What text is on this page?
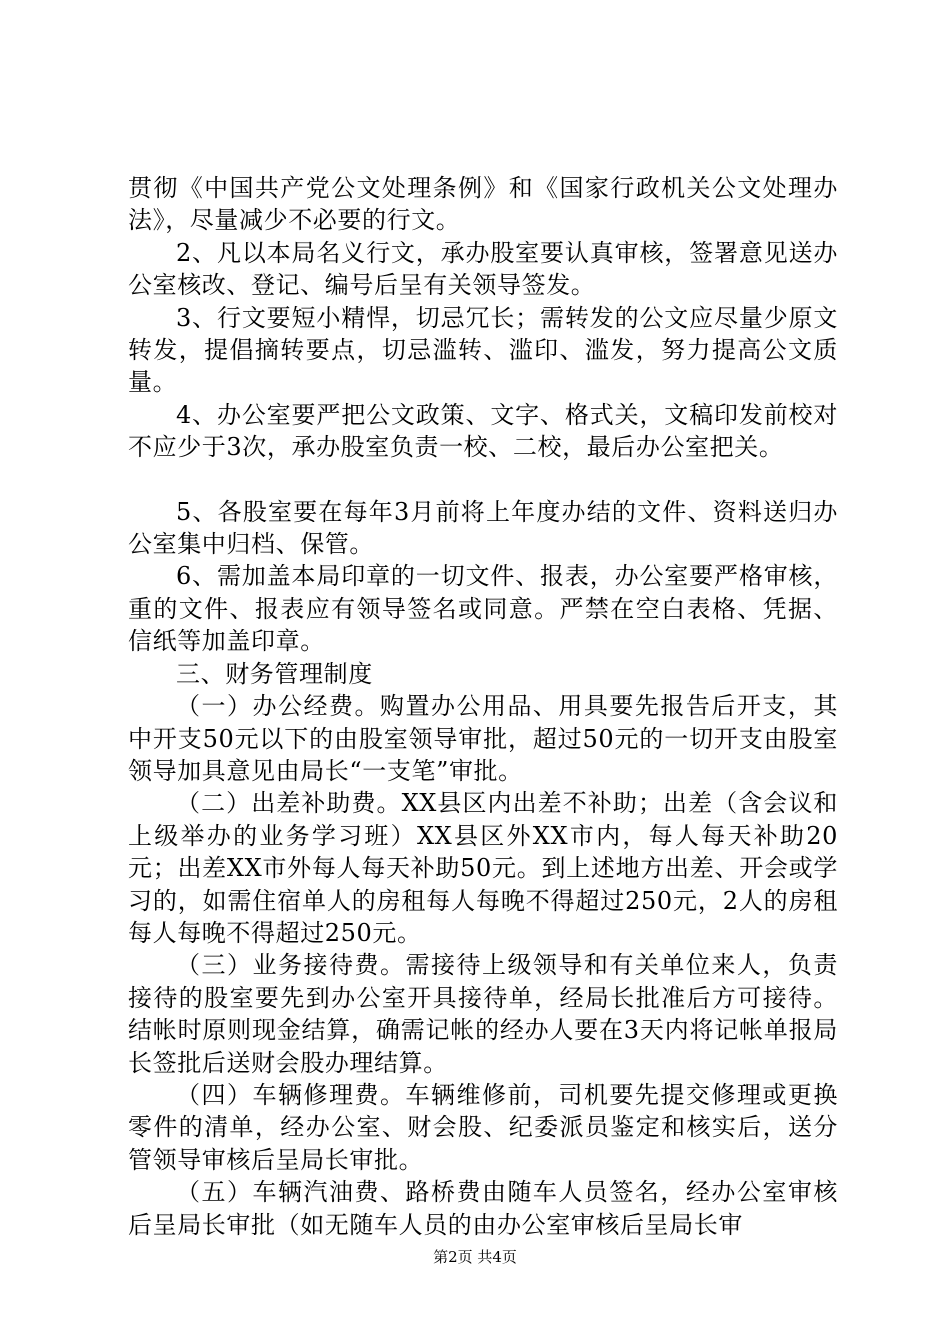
贯彻《中国共产党公文处理条例》和《国家行政机关公文处理办法》，尽量减少不必要的行文。

2、凡以本局名义行文，承办股室要认真审核，签署意见送办公室核改、登记、编号后呈有关领导签发。

3、行文要短小精悍，切忌冗长；需转发的公文应尽量少原文转发，提倡摘转要点，切忌滥转、滥印、滥发，努力提高公文质量。

4、办公室要严把公文政策、文字、格式关，文稿印发前校对不应少于3次，承办股室负责一校、二校，最后办公室把关。

5、各股室要在每年3月前将上年度办结的文件、资料送归办公室集中归档、保管。

6、需加盖本局印章的一切文件、报表，办公室要严格审核，重的文件、报表应有领导签名或同意。严禁在空白表格、凭据、信纸等加盖印章。

三、财务管理制度

（一）办公经费。购置办公用品、用具要先报告后开支，其中开支50元以下的由股室领导审批，超过50元的一切开支由股室领导加具意见由局长“一支笔”审批。

（二）出差补助费。XX县区内出差不补助；出差（含会议和上级举办的业务学习班）XX县区外XX市内，每人每天补助20元；出差XX市外每人每天补助50元。到上述地方出差、开会或学习的，如需住宿单人的房租每人每晚不得超过250元，2人的房租每人每晚不得超过250元。

（三）业务接待费。需接待上级领导和有关单位来人，负责接待的股室要先到办公室开具接待单，经局长批准后方可接待。结帐时原则现金结算，确需记帐的经办人要在3天内将记帐单报局长签批后送财会股办理结算。

（四）车辆修理费。车辆维修前，司机要先提交修理或更换零件的清单，经办公室、财会股、纪委派员鉴定和核实后，送分管领导审核后呈局长审批。

（五）车辆汽油费、路桥费由随车人员签名，经办公室审核后呈局长审批（如无随车人员的由办公室审核后呈局长审

第2页 共4页
